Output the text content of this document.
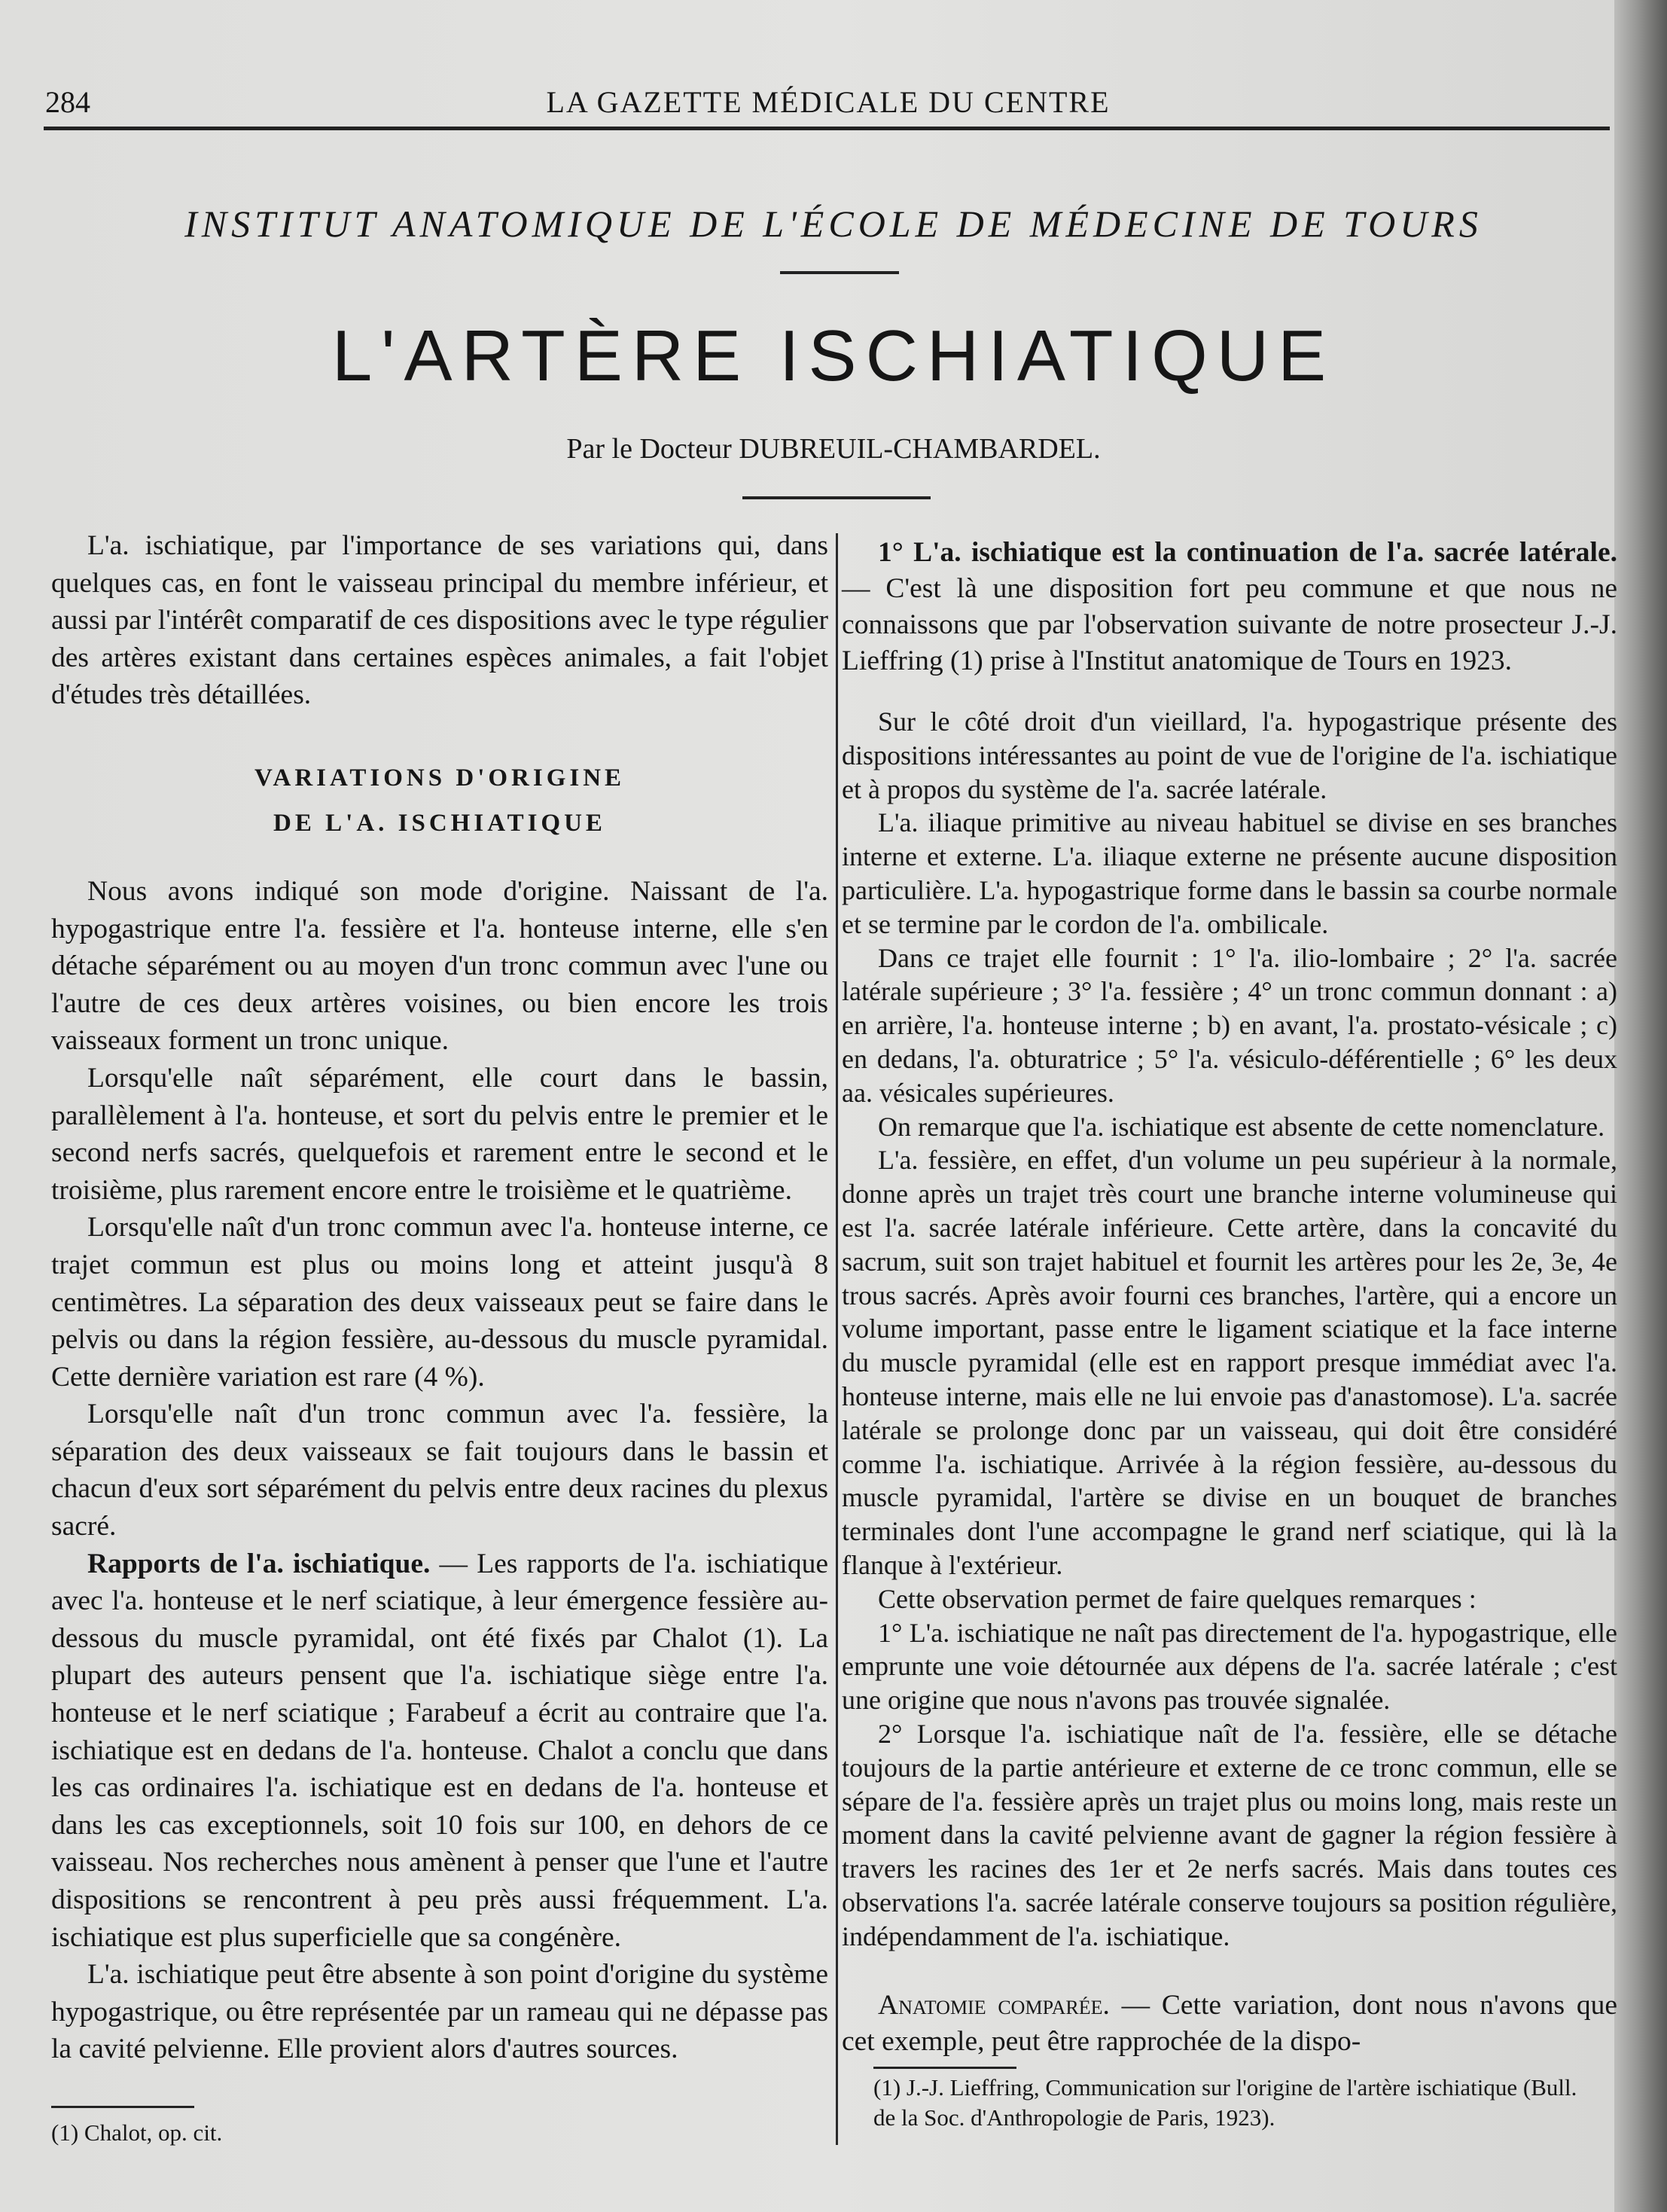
284	LA GAZETTE MÉDICALE DU CENTRE
INSTITUT ANATOMIQUE DE L'ÉCOLE DE MÉDECINE DE TOURS
L'ARTÈRE ISCHIATIQUE
Par le Docteur DUBREUIL-CHAMBARDEL.

L'a. ischiatique, par l'importance de ses variations qui, dans quelques cas, en font le vaisseau principal du membre inférieur, et aussi par l'intérêt comparatif de ces dispositions avec le type régulier des artères existant dans certaines espèces animales, a fait l'objet d'études très détaillées.

VARIATIONS D'ORIGINE
DE L'A. ISCHIATIQUE

Nous avons indiqué son mode d'origine. Naissant de l'a. hypogastrique entre l'a. fessière et l'a. honteuse interne, elle s'en détache séparément ou au moyen d'un tronc commun avec l'une ou l'autre de ces deux artères voisines, ou bien encore les trois vaisseaux forment un tronc unique.

Lorsqu'elle naît séparément, elle court dans le bassin, parallèlement à l'a. honteuse, et sort du pelvis entre le premier et le second nerfs sacrés, quelquefois et rarement entre le second et le troisième, plus rarement encore entre le troisième et le quatrième.

Lorsqu'elle naît d'un tronc commun avec l'a. honteuse interne, ce trajet commun est plus ou moins long et atteint jusqu'à 8 centimètres. La séparation des deux vaisseaux peut se faire dans le pelvis ou dans la région fessière, au-dessous du muscle pyramidal. Cette dernière variation est rare (4 %).

Lorsqu'elle naît d'un tronc commun avec l'a. fessière, la séparation des deux vaisseaux se fait toujours dans le bassin et chacun d'eux sort séparément du pelvis entre deux racines du plexus sacré.

Rapports de l'a. ischiatique. — Les rapports de l'a. ischiatique avec l'a. honteuse et le nerf sciatique, à leur émergence fessière au-dessous du muscle pyramidal, ont été fixés par Chalot (1). La plupart des auteurs pensent que l'a. ischiatique siège entre l'a. honteuse et le nerf sciatique ; Farabeuf a écrit au contraire que l'a. ischiatique est en dedans de l'a. honteuse. Chalot a conclu que dans les cas ordinaires l'a. ischiatique est en dedans de l'a. honteuse et dans les cas exceptionnels, soit 10 fois sur 100, en dehors de ce vaisseau. Nos recherches nous amènent à penser que l'une et l'autre dispositions se rencontrent à peu près aussi fréquemment. L'a. ischiatique est plus superficielle que sa congénère.

L'a. ischiatique peut être absente à son point d'origine du système hypogastrique, ou être représentée par un rameau qui ne dépasse pas la cavité pelvienne. Elle provient alors d'autres sources.

1° L'a. ischiatique est la continuation de l'a. sacrée latérale. — C'est là une disposition fort peu commune et que nous ne connaissons que par l'observation suivante de notre prosecteur J.-J. Lieffring (1) prise à l'Institut anatomique de Tours en 1923.

Sur le côté droit d'un vieillard, l'a. hypogastrique présente des dispositions intéressantes au point de vue de l'origine de l'a. ischiatique et à propos du système de l'a. sacrée latérale.

L'a. iliaque primitive au niveau habituel se divise en ses branches interne et externe. L'a. iliaque externe ne présente aucune disposition particulière. L'a. hypogastrique forme dans le bassin sa courbe normale et se termine par le cordon de l'a. ombilicale.

Dans ce trajet elle fournit : 1° l'a. ilio-lombaire ; 2° l'a. sacrée latérale supérieure ; 3° l'a. fessière ; 4° un tronc commun donnant : a) en arrière, l'a. honteuse interne ; b) en avant, l'a. prostato-vésicale ; c) en dedans, l'a. obturatrice ; 5° l'a. vésiculo-déférentielle ; 6° les deux aa. vésicales supérieures.

On remarque que l'a. ischiatique est absente de cette nomenclature.

L'a. fessière, en effet, d'un volume un peu supérieur à la normale, donne après un trajet très court une branche interne volumineuse qui est l'a. sacrée latérale inférieure. Cette artère, dans la concavité du sacrum, suit son trajet habituel et fournit les artères pour les 2e, 3e, 4e trous sacrés. Après avoir fourni ces branches, l'artère, qui a encore un volume important, passe entre le ligament sciatique et la face interne du muscle pyramidal (elle est en rapport presque immédiat avec l'a. honteuse interne, mais elle ne lui envoie pas d'anastomose). L'a. sacrée latérale se prolonge donc par un vaisseau, qui doit être considéré comme l'a. ischiatique. Arrivée à la région fessière, au-dessous du muscle pyramidal, l'artère se divise en un bouquet de branches terminales dont l'une accompagne le grand nerf sciatique, qui là la flanque à l'extérieur.

Cette observation permet de faire quelques remarques :

1° L'a. ischiatique ne naît pas directement de l'a. hypogastrique, elle emprunte une voie détournée aux dépens de l'a. sacrée latérale ; c'est une origine que nous n'avons pas trouvée signalée.

2° Lorsque l'a. ischiatique naît de l'a. fessière, elle se détache toujours de la partie antérieure et externe de ce tronc commun, elle se sépare de l'a. fessière après un trajet plus ou moins long, mais reste un moment dans la cavité pelvienne avant de gagner la région fessière à travers les racines des 1er et 2e nerfs sacrés. Mais dans toutes ces observations l'a. sacrée latérale conserve toujours sa position régulière, indépendamment de l'a. ischiatique.

Anatomie comparée. — Cette variation, dont nous n'avons que cet exemple, peut être rapprochée de la dispo-

(1) Chalot, op. cit.
(1) J.-J. Lieffring, Communication sur l'origine de l'artère ischiatique (Bull. de la Soc. d'Anthropologie de Paris, 1923).
